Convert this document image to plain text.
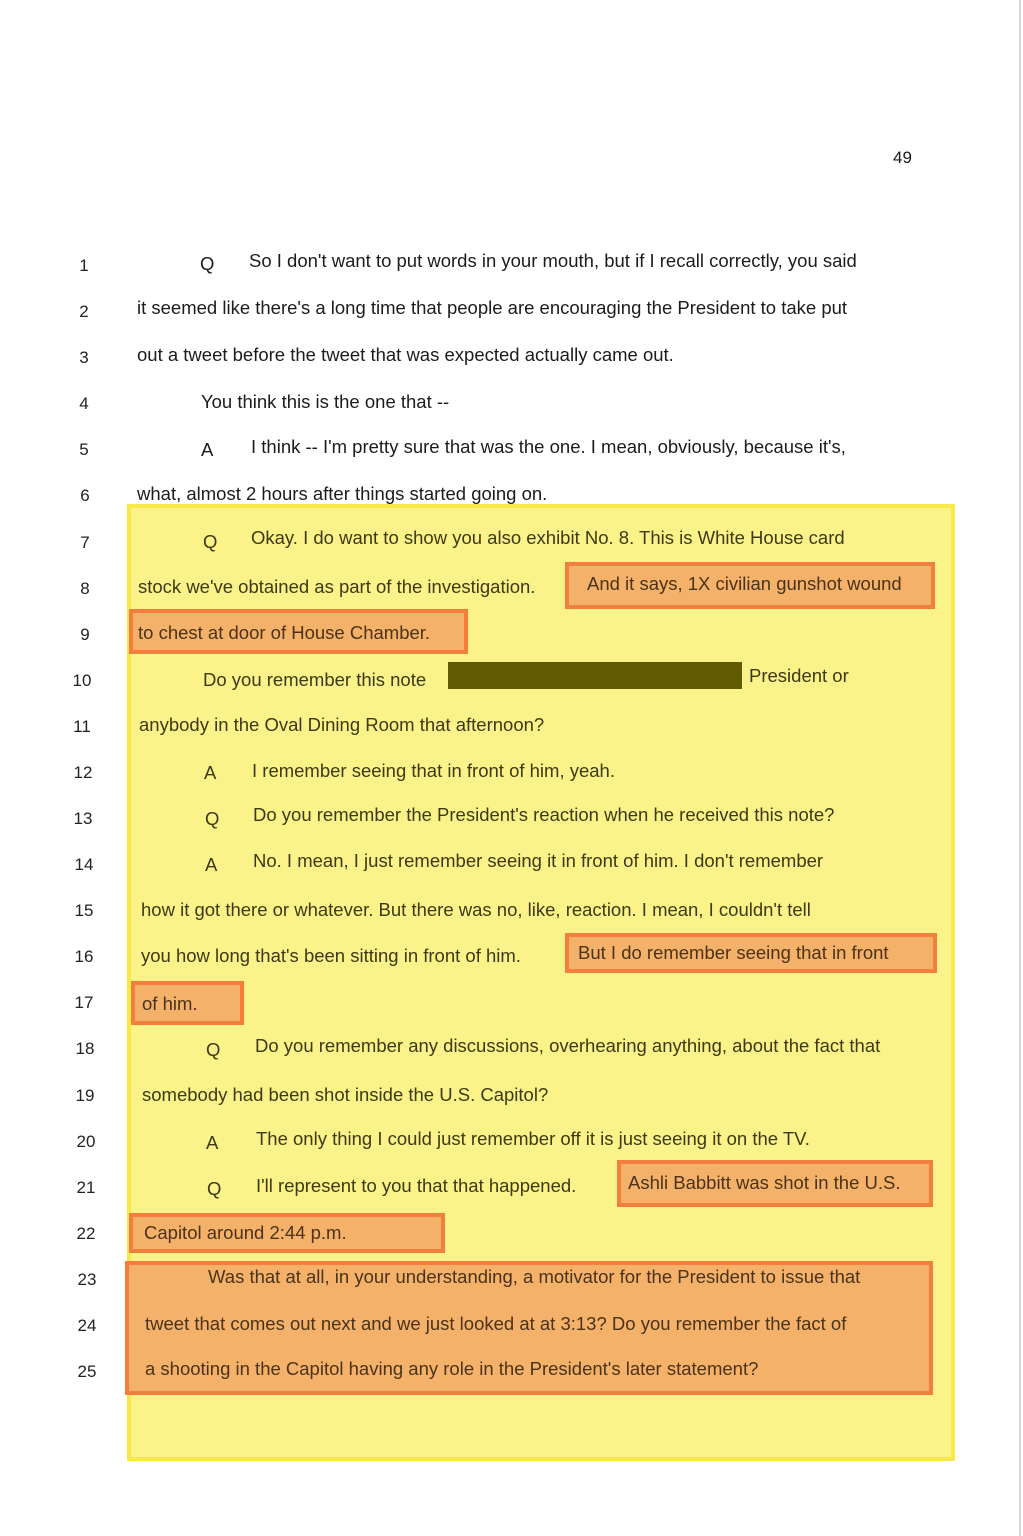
49
1
2
3
4
5
6
7
8
9
10
11
12
13
14
15
16
17
18
19
20
21
22
23
24
25
Q So I don't want to put words in your mouth, but if I recall correctly, you said
it seemed like there's a long time that people are encouraging the President to take put
out a tweet before the tweet that was expected actually came out.
You think this is the one that --
A I think -- I'm pretty sure that was the one. I mean, obviously, because it's,
what, almost 2 hours after things started going on.
Q Okay. I do want to show you also exhibit No. 8. This is White House card
stock we've obtained as part of the investigation.	And it says, 1X civilian gunshot wound
to chest at door of House Chamber.
Do you remember this note	President or
anybody in the Oval Dining Room that afternoon?
A I remember seeing that in front of him, yeah.
Q Do you remember the President's reaction when he received this note?
A No. I mean, I just remember seeing it in front of him. I don't remember
how it got there or whatever. But there was no, like, reaction. I mean, I couldn't tell
you how long that's been sitting in front of him.	But I do remember seeing that in front
of him.
Q Do you remember any discussions, overhearing anything, about the fact that
somebody had been shot inside the U.S. Capitol?
A The only thing I could just remember off it is just seeing it on the TV.
Q I'll represent to you that that happened.	Ashli Babbitt was shot in the U.S.
Capitol around 2:44 p.m.
Was that at all, in your understanding, a motivator for the President to issue that
tweet that comes out next and we just looked at at 3:13? Do you remember the fact of
a shooting in the Capitol having any role in the President's later statement?
